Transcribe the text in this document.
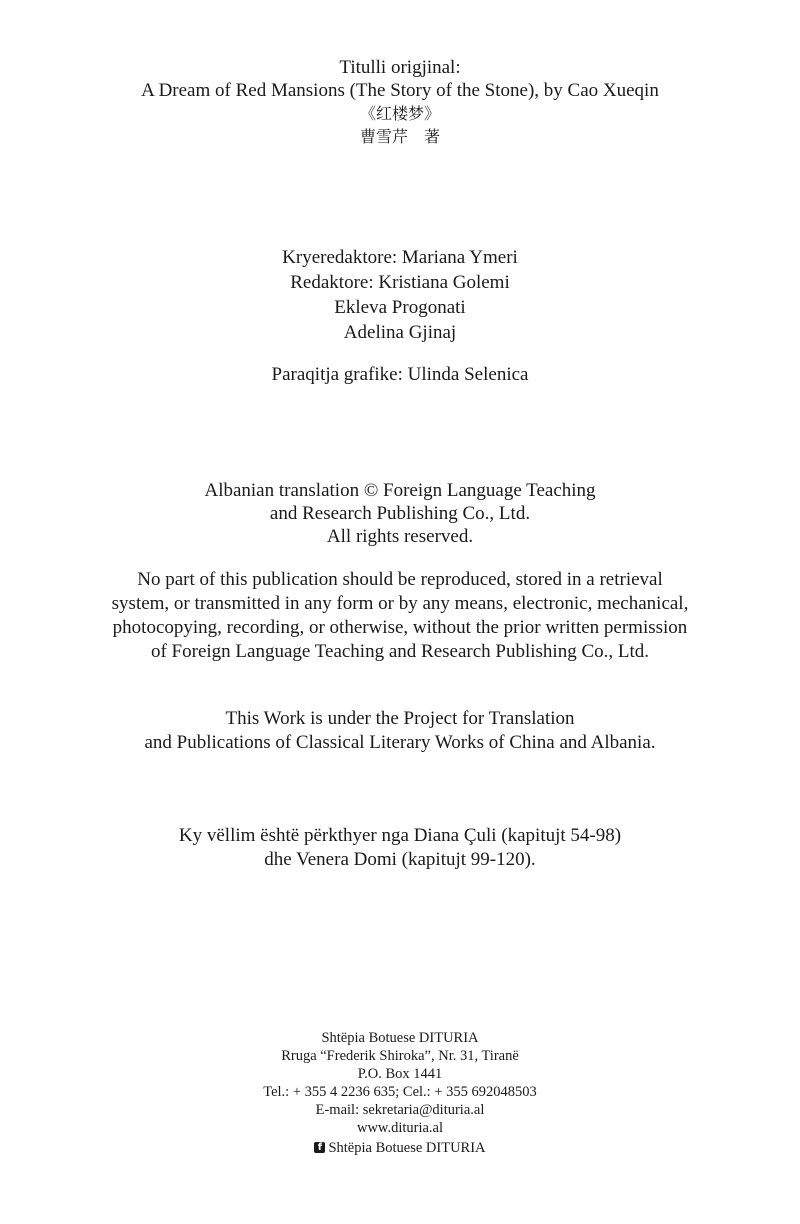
Titulli origjinal:
A Dream of Red Mansions (The Story of the Stone), by Cao Xueqin
《红楼梦》
曹雪芹　著
Kryeredaktore: Mariana Ymeri
Redaktore: Kristiana Golemi
Ekleva Progonati
Adelina Gjinaj
Paraqitja grafike: Ulinda Selenica
Albanian translation © Foreign Language Teaching
and Research Publishing Co., Ltd.
All rights reserved.
No part of this publication should be reproduced, stored in a retrieval
system, or transmitted in any form or by any means, electronic, mechanical,
photocopying, recording, or otherwise, without the prior written permission
of Foreign Language Teaching and Research Publishing Co., Ltd.
This Work is under the Project for Translation
and Publications of Classical Literary Works of China and Albania.
Ky vëllim është përkthyer nga Diana Çuli (kapitujt 54-98)
dhe Venera Domi (kapitujt 99-120).
Shtëpia Botuese DITURIA
Rruga “Frederik Shiroka”, Nr. 31, Tiranë
P.O. Box 1441
Tel.: + 355 4 2236 635; Cel.: + 355 692048503
E-mail: sekretaria@dituria.al
www.dituria.al
f Shtëpia Botuese DITURIA
